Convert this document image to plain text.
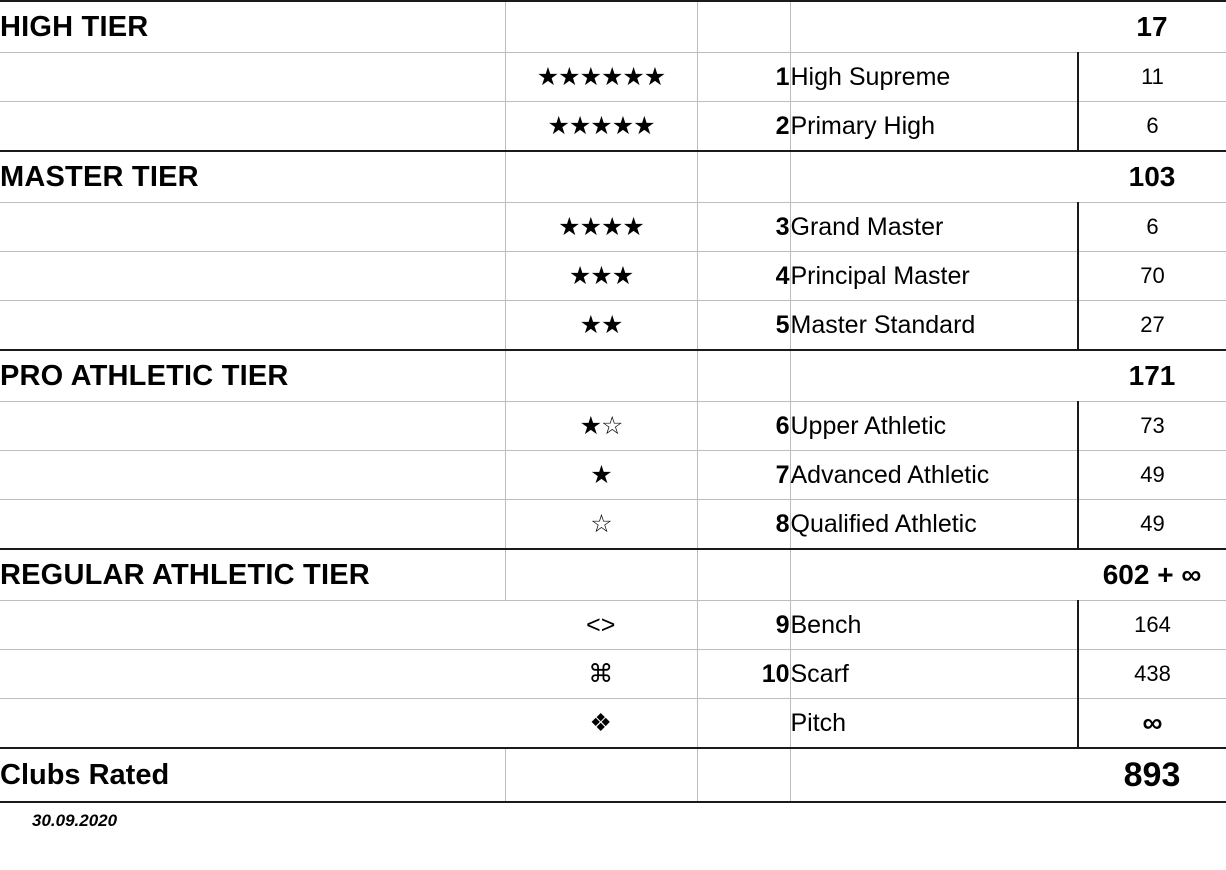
HIGH TIER				17
	★★★★★★	1	High Supreme	11
	★★★★★	2	Primary High	6
MASTER TIER				103
	★★★★	3	Grand Master	6
	★★★	4	Principal Master	70
	★★	5	Master Standard	27
PRO ATHLETIC TIER				171
	★☆	6	Upper Athletic	73
	★	7	Advanced Athletic	49
	☆	8	Qualified Athletic	49
REGULAR ATHLETIC TIER				602 + ∞
	<>	9	Bench	164
	⌘	10	Scarf	438
	❖		Pitch	∞
Clubs Rated				893
30.09.2020
